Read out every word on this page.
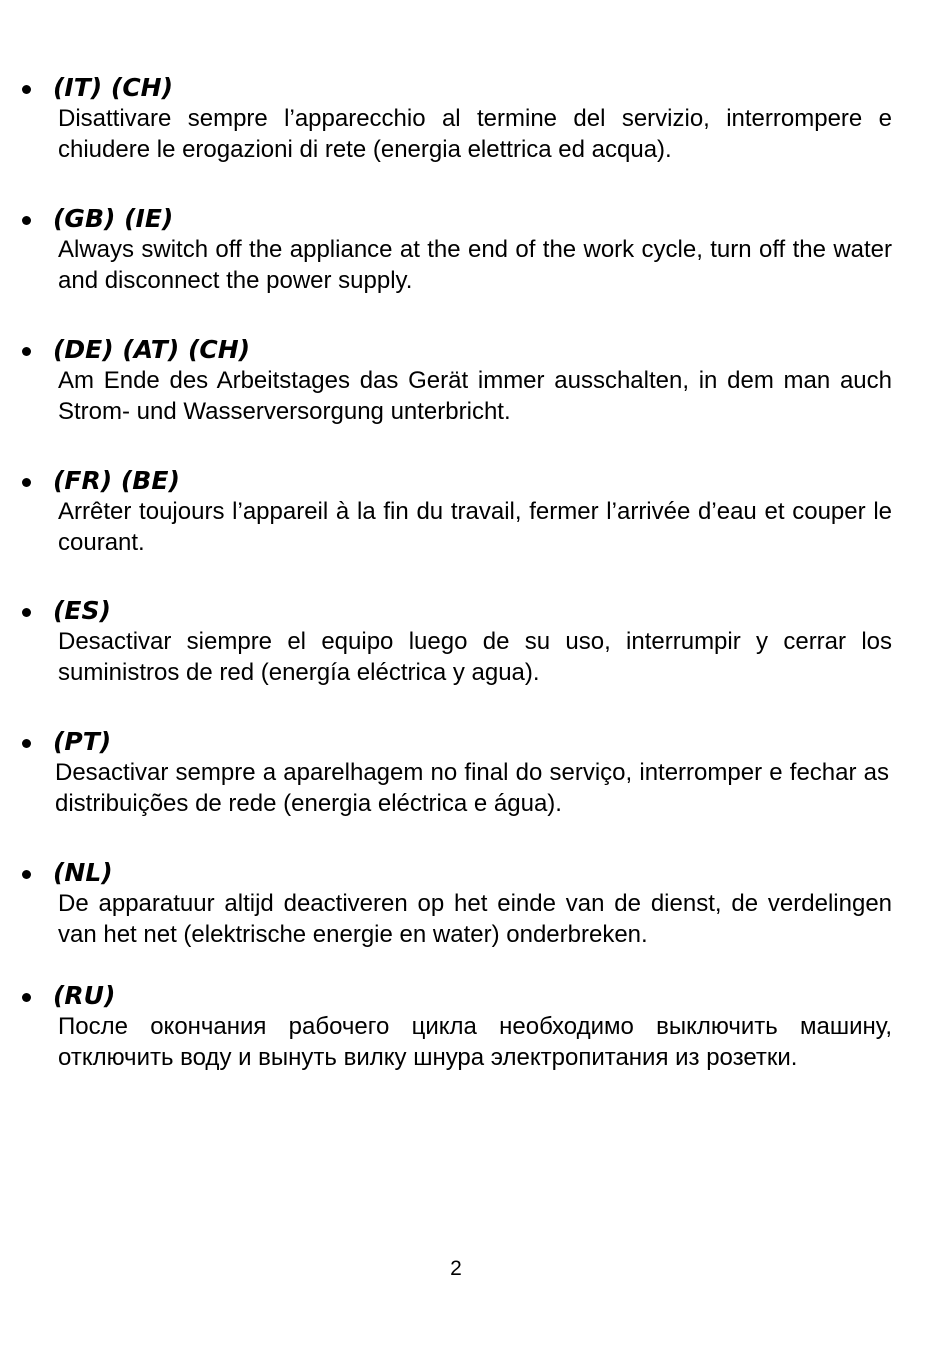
(IT) (CH)
Disattivare sempre l’apparecchio al termine del servizio, interrompere e chiudere le erogazioni di rete (energia elettrica ed acqua).
(GB) (IE)
Always switch off the appliance at the end of the work cycle, turn off the water and disconnect the power supply.
(DE) (AT) (CH)
Am Ende des Arbeitstages das Gerät immer ausschalten, in dem man auch Strom- und Wasserversorgung unterbricht.
(FR) (BE)
Arrêter toujours l’appareil à la fin du travail, fermer l’arrivée d’eau et couper le courant.
(ES)
Desactivar siempre el equipo luego de su uso, interrumpir y cerrar los suministros de red (energía eléctrica y agua).
(PT)
Desactivar sempre a aparelhagem no final do serviço, interromper e fechar as distribuições de rede (energia eléctrica e água).
(NL)
De apparatuur altijd deactiveren op het einde van de dienst, de verdelingen van het net (elektrische energie en water) onderbreken.
(RU)
После окончания рабочего цикла необходимо выключить машину, отключить воду и вынуть вилку шнура электропитания из розетки.
2
